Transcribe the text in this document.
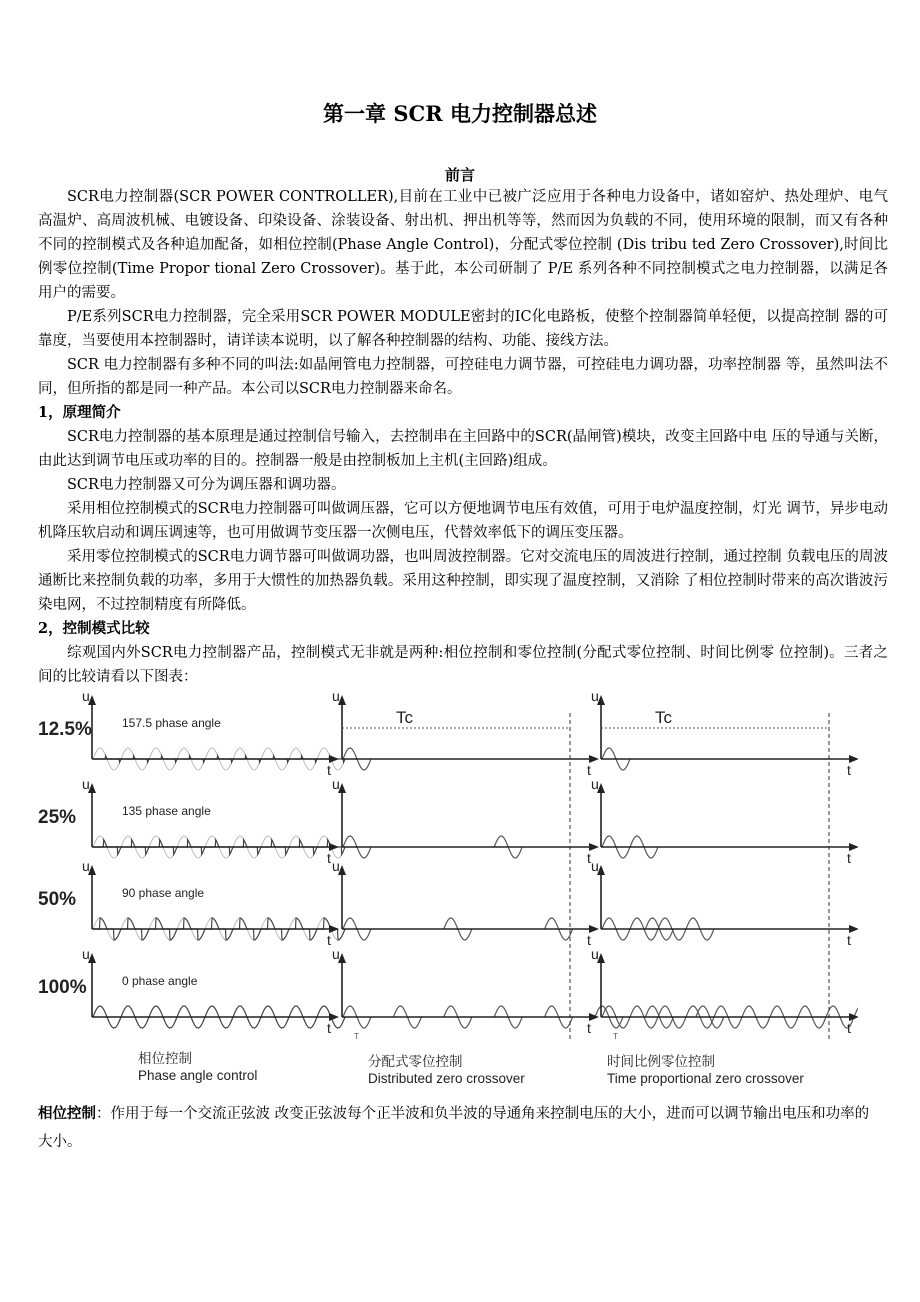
第一章 SCR 电力控制器总述
前言

SCR电力控制器(SCR POWER CONTROLLER),目前在工业中已被广泛应用于各种电力设备中，诸如窑炉、热处理炉、电气高温炉、高周波机械、电镀设备、印染设备、涂装设备、射出机、押出机等等，然而因为负载的不同，使用环境的限制，而又有各种不同的控制模式及各种追加配备，如相位控制(Phase Angle Control)，分配式零位控制 (Dis tribu ted Zero Crossover),时间比例零位控制(Time Propor tional Zero Crossover)。基于此，本公司研制了 P/E 系列各种不同控制模式之电力控制器，以满足各用户的需要。

P/E系列SCR电力控制器，完全采用SCR POWER MODULE密封的IC化电路板，使整个控制器简单轻便，以提高控制 器的可靠度，当要使用本控制器时，请详读本说明，以了解各种控制器的结构、功能、接线方法。

SCR 电力控制器有多种不同的叫法:如晶闸管电力控制器，可控硅电力调节器，可控硅电力调功器，功率控制器 等，虽然叫法不同，但所指的都是同一种产品。本公司以SCR电力控制器来命名。

1，原理简介

SCR电力控制器的基本原理是通过控制信号输入，去控制串在主回路中的SCR(晶闸管)模块，改变主回路中电 压的导通与关断，由此达到调节电压或功率的目的。控制器一般是由控制板加上主机(主回路)组成。

SCR电力控制器又可分为调压器和调功器。

采用相位控制模式的SCR电力控制器可叫做调压器，它可以方便地调节电压有效值，可用于电炉温度控制，灯光 调节，异步电动机降压软启动和调压调速等，也可用做调节变压器一次侧电压，代替效率低下的调压变压器。

采用零位控制模式的SCR电力调节器可叫做调功器，也叫周波控制器。它对交流电压的周波进行控制，通过控制 负载电压的周波通断比来控制负载的功率，多用于大惯性的加热器负载。采用这种控制，即实现了温度控制，又消除 了相位控制时带来的高次谐波污染电网，不过控制精度有所降低。

2，控制模式比较

综观国内外SCR电力控制器产品，控制模式无非就是两种:相位控制和零位控制(分配式零位控制、时间比例零 位控制)。三者之间的比较请看以下图表：

12.5%
u
t
157.5 phase angle
u
t
u
t
25%
u
t
135 phase angle
u
t
u
t
50%
u
t
90 phase angle
u
t
u
t
100%
u
t
0 phase angle
u
t
u
t
Tc
T
Tc
T
相位控制
Phase angle control
分配式零位控制
Distributed zero crossover
时间比例零位控制
Time proportional zero crossover
相位控制：作用于每一个交流正弦波 改变正弦波每个正半波和负半波的导通角来控制电压的大小，进而可以调节输出电压和功率的大小。
